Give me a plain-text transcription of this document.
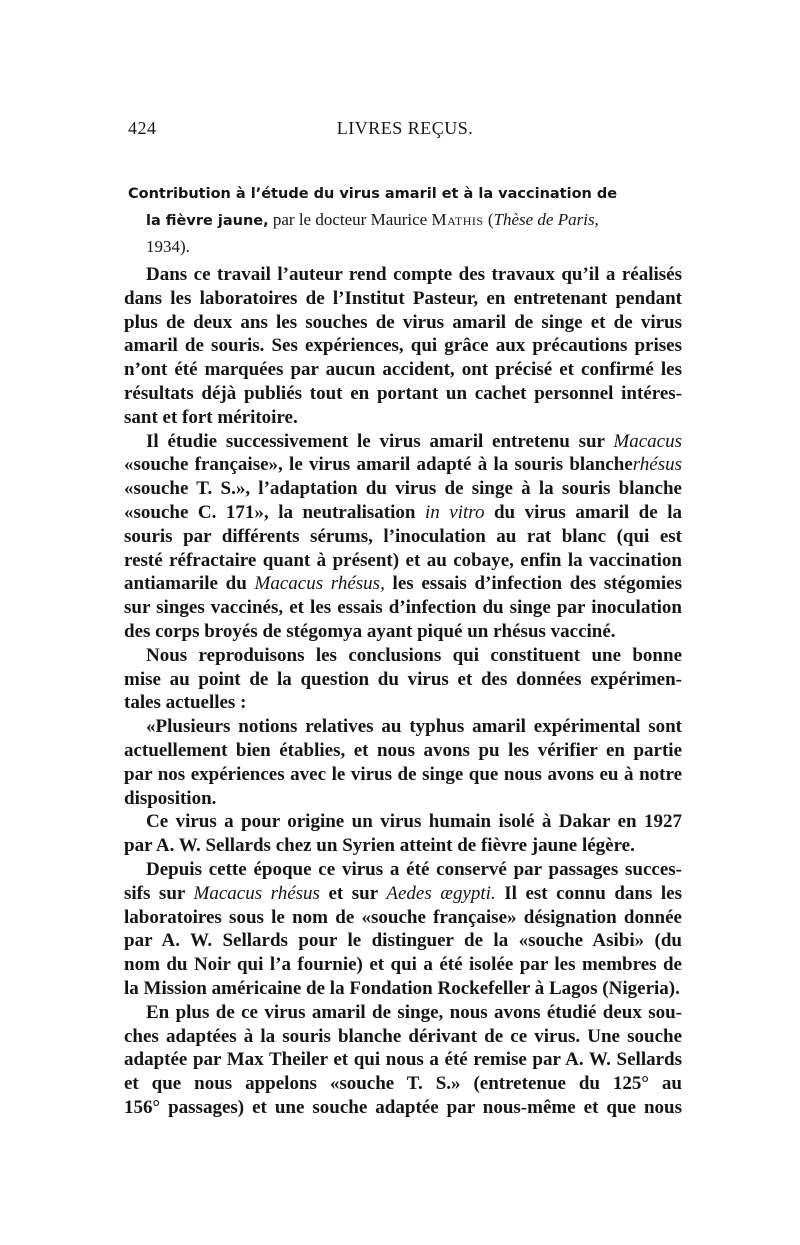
424	LIVRES REÇUS.
Contribution à l’étude du virus amaril et à la vaccination de
la fièvre jaune, par le docteur Maurice Mathis (Thèse de Paris,
1934).
Dans ce travail l’auteur rend compte des travaux qu’il a réalisés
dans les laboratoires de l’Institut Pasteur, en entretenant pendant
plus de deux ans les souches de virus amaril de singe et de virus
amaril de souris. Ses expériences, qui grâce aux précautions prises
n’ont été marquées par aucun accident, ont précisé et confirmé les
résultats déjà publiés tout en portant un cachet personnel intéres-
sant et fort méritoire.
Il étudie successivement le virus amaril entretenu sur Macacus
«souche française», le virus amaril adapté à la souris blancherhésus
«souche T. S.», l’adaptation du virus de singe à la souris blanche
«souche C. 171», la neutralisation in vitro du virus amaril de la
souris par différents sérums, l’inoculation au rat blanc (qui est
resté réfractaire quant à présent) et au cobaye, enfin la vaccination
antiamarile du Macacus rhésus, les essais d’infection des stégomies
sur singes vaccinés, et les essais d’infection du singe par inoculation
des corps broyés de stégomya ayant piqué un rhésus vacciné.
Nous reproduisons les conclusions qui constituent une bonne
mise au point de la question du virus et des données expérimen-
tales actuelles :
«Plusieurs notions relatives au typhus amaril expérimental sont
actuellement bien établies, et nous avons pu les vérifier en partie
par nos expériences avec le virus de singe que nous avons eu à notre
disposition.
Ce virus a pour origine un virus humain isolé à Dakar en 1927
par A. W. Sellards chez un Syrien atteint de fièvre jaune légère.
Depuis cette époque ce virus a été conservé par passages succes-
sifs sur Macacus rhésus et sur Aedes ægypti. Il est connu dans les
laboratoires sous le nom de «souche française» désignation donnée
par A. W. Sellards pour le distinguer de la «souche Asibi» (du
nom du Noir qui l’a fournie) et qui a été isolée par les membres de
la Mission américaine de la Fondation Rockefeller à Lagos (Nigeria).
En plus de ce virus amaril de singe, nous avons étudié deux sou-
ches adaptées à la souris blanche dérivant de ce virus. Une souche
adaptée par Max Theiler et qui nous a été remise par A. W. Sellards
et que nous appelons «souche T. S.» (entretenue du 125° au
156° passages) et une souche adaptée par nous-même et que nous
